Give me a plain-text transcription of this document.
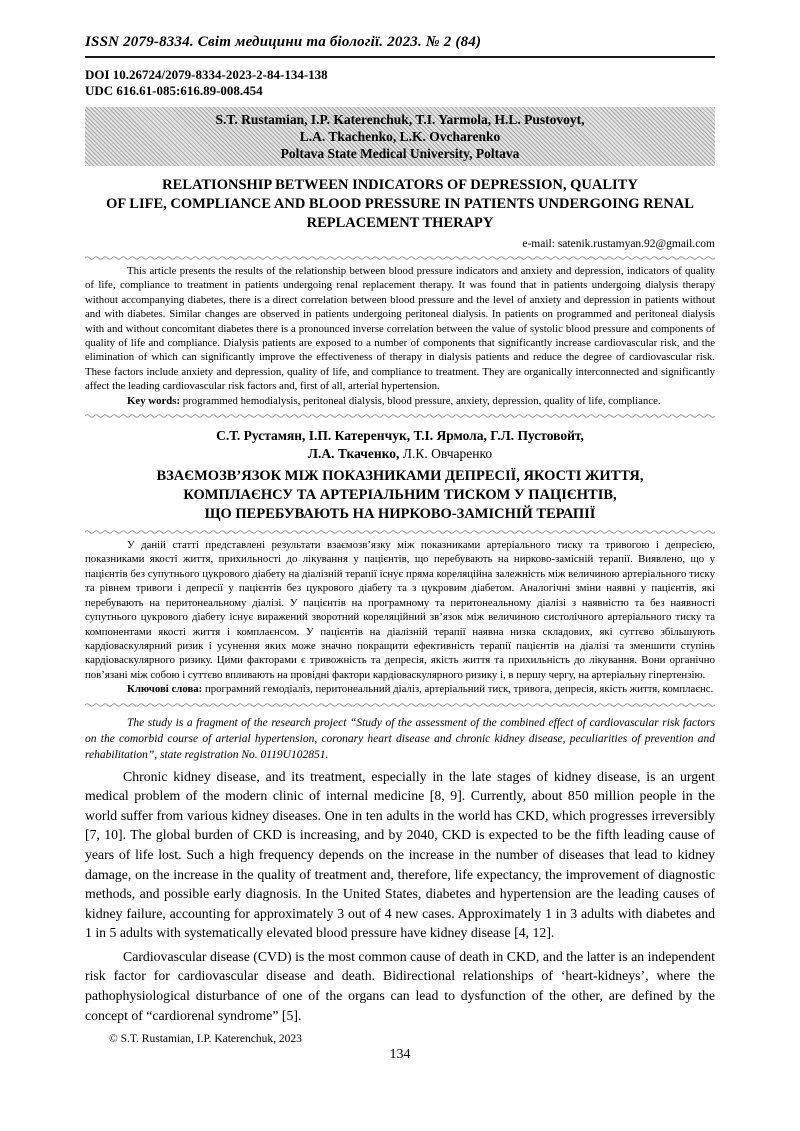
ISSN 2079-8334. Світ медицини та біології. 2023. № 2 (84)
DOI 10.26724/2079-8334-2023-2-84-134-138
UDC 616.61-085:616.89-008.454
S.T. Rustamian, I.P. Katerenchuk, T.I. Yarmola, H.L. Pustovoyt,
L.A. Tkachenko, L.K. Ovcharenko
Poltava State Medical University, Poltava
RELATIONSHIP BETWEEN INDICATORS OF DEPRESSION, QUALITY
OF LIFE, COMPLIANCE AND BLOOD PRESSURE IN PATIENTS UNDERGOING RENAL
REPLACEMENT THERAPY
e-mail: satenik.rustamyan.92@gmail.com

This article presents the results of the relationship between blood pressure indicators and anxiety and depression, indicators of quality of life, compliance to treatment in patients undergoing renal replacement therapy. It was found that in patients undergoing dialysis therapy without accompanying diabetes, there is a direct correlation between blood pressure and the level of anxiety and depression in patients without and with diabetes. Similar changes are observed in patients undergoing peritoneal dialysis. In patients on programmed and peritoneal dialysis with and without concomitant diabetes there is a pronounced inverse correlation between the value of systolic blood pressure and components of quality of life and compliance. Dialysis patients are exposed to a number of components that significantly increase cardiovascular risk, and the elimination of which can significantly improve the effectiveness of therapy in dialysis patients and reduce the degree of cardiovascular risk. These factors include anxiety and depression, quality of life, and compliance to treatment. They are organically interconnected and significantly affect the leading cardiovascular risk factors and, first of all, arterial hypertension.

Key words: programmed hemodialysis, peritoneal dialysis, blood pressure, anxiety, depression, quality of life, compliance.

С.Т. Рустамян, І.П. Катеренчук, Т.І. Ярмола, Г.Л. Пустовойт,
Л.А. Ткаченко, Л.К. Овчаренко
ВЗАЄМОЗВ’ЯЗОК МІЖ ПОКАЗНИКАМИ ДЕПРЕСІЇ, ЯКОСТІ ЖИТТЯ,
КОМПЛАЄНСУ ТА АРТЕРІАЛЬНИМ ТИСКОМ У ПАЦІЄНТІВ,
ЩО ПЕРЕБУВАЮТЬ НА НИРКОВО-ЗАМІСНІЙ ТЕРАПІЇ

У даній статті представлені результати взаємозв’язку між показниками артеріального тиску та тривогою і депресією, показниками якості життя, прихильності до лікування у пацієнтів, що перебувають на нирково-замісній терапії. Виявлено, що у пацієнтів без супутнього цукрового діабету на діалізній терапії існує пряма кореляційна залежність між величиною артеріального тиску та рівнем тривоги і депресії у пацієнтів без цукрового діабету та з цукровим діабетом. Аналогічні зміни наявні у пацієнтів, які перебувають на перитонеальному діалізі. У пацієнтів на програмному та перитонеальному діалізі з наявністю та без наявності супутнього цукрового діабету існує виражений зворотний кореляційний зв’язок між величиною систолічного артеріального тиску та компонентами якості життя і комплаєнсом. У пацієнтів на діалізній терапії наявна низка складових, які суттєво збільшують кардіоваскулярний ризик і усунення яких може значно покращити ефективність терапії пацієнтів на діалізі та зменшити ступінь кардіоваскулярного ризику. Цими факторами є тривожність та депресія, якість життя та прихильність до лікування. Вони органічно пов’язані між собою і суттєво впливають на провідні фактори кардіоваскулярного ризику і, в першу чергу, на артеріальну гіпертензію.

Ключові слова: програмний гемодіаліз, перитонеальний діаліз, артеріальний тиск, тривога, депресія, якість життя, комплаєнс.

The study is a fragment of the research project “Study of the assessment of the combined effect of cardiovascular risk factors on the comorbid course of arterial hypertension, coronary heart disease and chronic kidney disease, peculiarities of prevention and rehabilitation”, state registration No. 0119U102851.

Chronic kidney disease, and its treatment, especially in the late stages of kidney disease, is an urgent medical problem of the modern clinic of internal medicine [8, 9]. Currently, about 850 million people in the world suffer from various kidney diseases. One in ten adults in the world has CKD, which progresses irreversibly [7, 10]. The global burden of CKD is increasing, and by 2040, CKD is expected to be the fifth leading cause of years of life lost. Such a high frequency depends on the increase in the number of diseases that lead to kidney damage, on the increase in the quality of treatment and, therefore, life expectancy, the improvement of diagnostic methods, and possible early diagnosis. In the United States, diabetes and hypertension are the leading causes of kidney failure, accounting for approximately 3 out of 4 new cases. Approximately 1 in 3 adults with diabetes and 1 in 5 adults with systematically elevated blood pressure have kidney disease [4, 12].

Cardiovascular disease (CVD) is the most common cause of death in CKD, and the latter is an independent risk factor for cardiovascular disease and death. Bidirectional relationships of ‘heart-kidneys’, where the pathophysiological disturbance of one of the organs can lead to dysfunction of the other, are defined by the concept of “cardiorenal syndrome” [5].

© S.T. Rustamian, I.P. Katerenchuk, 2023
134
